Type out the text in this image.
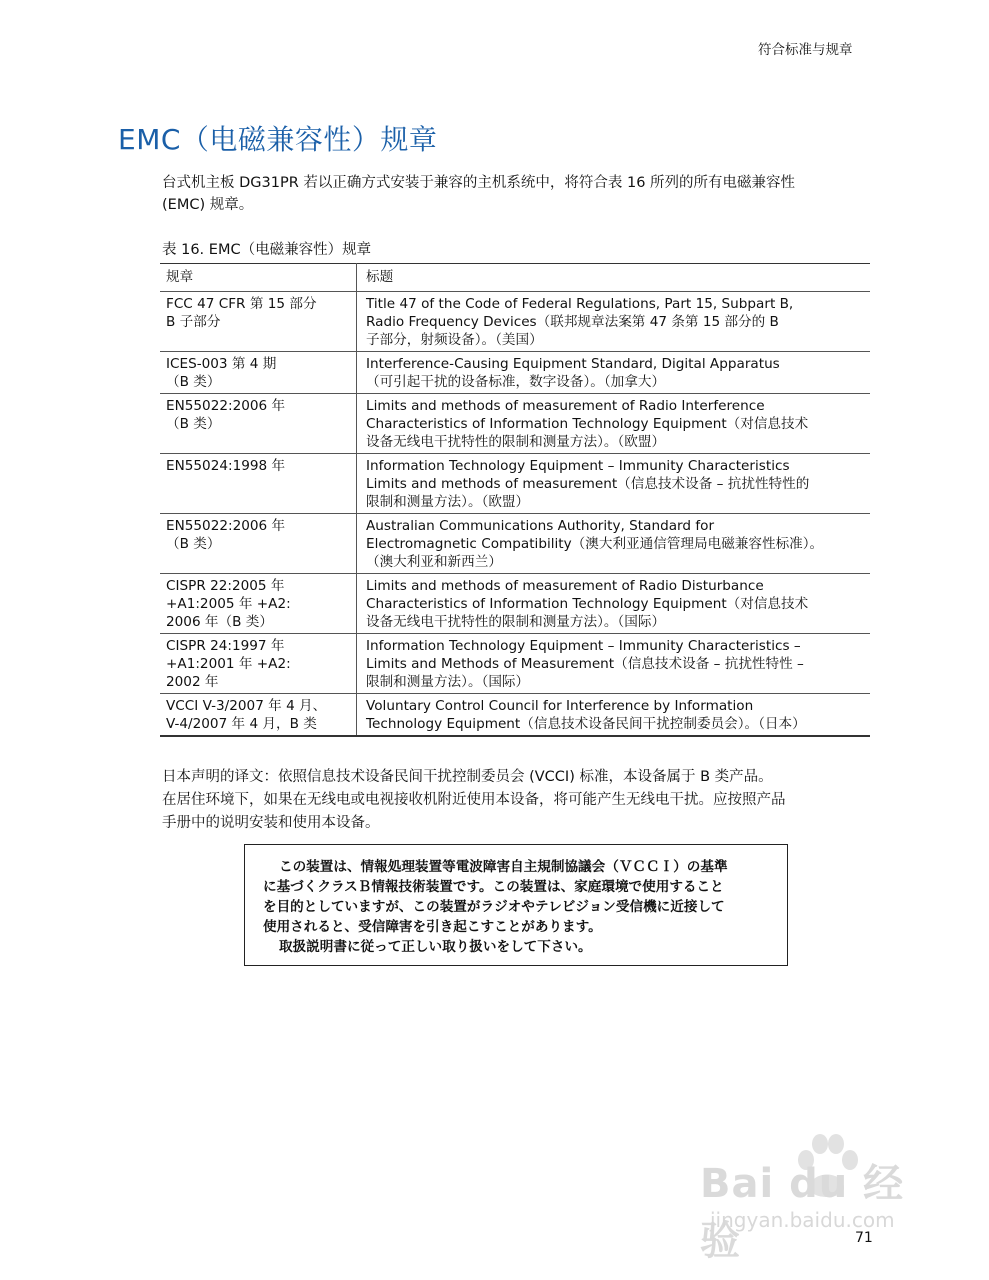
符合标准与规章
EMC（电磁兼容性）规章
台式机主板 DG31PR 若以正确方式安装于兼容的主机系统中，将符合表 16 所列的所有电磁兼容性
(EMC) 规章。
表 16. EMC（电磁兼容性）规章
规章	标题

FCC 47 CFR 第 15 部分
B 子部分	Title 47 of the Code of Federal Regulations, Part 15, Subpart B,
Radio Frequency Devices（联邦规章法案第 47 条第 15 部分的 B
子部分，射频设备）。（美国）

ICES-003 第 4 期
（B 类）	Interference-Causing Equipment Standard, Digital Apparatus
（可引起干扰的设备标准，数字设备）。（加拿大）

EN55022:2006 年
（B 类）	Limits and methods of measurement of Radio Interference
Characteristics of Information Technology Equipment（对信息技术
设备无线电干扰特性的限制和测量方法）。（欧盟）

EN55024:1998 年	Information Technology Equipment – Immunity Characteristics
Limits and methods of measurement（信息技术设备 – 抗扰性特性的
限制和测量方法）。（欧盟）

EN55022:2006 年
（B 类）	Australian Communications Authority, Standard for
Electromagnetic Compatibility（澳大利亚通信管理局电磁兼容性标准）。
（澳大利亚和新西兰）

CISPR 22:2005 年
+A1:2005 年 +A2:
2006 年（B 类）	Limits and methods of measurement of Radio Disturbance
Characteristics of Information Technology Equipment（对信息技术
设备无线电干扰特性的限制和测量方法）。（国际）

CISPR 24:1997 年
+A1:2001 年 +A2:
2002 年	Information Technology Equipment – Immunity Characteristics –
Limits and Methods of Measurement（信息技术设备 – 抗扰性特性 –
限制和测量方法）。（国际）

VCCI V-3/2007 年 4 月、
V-4/2007 年 4 月，B 类	Voluntary Control Council for Interference by Information
Technology Equipment（信息技术设备民间干扰控制委员会）。（日本）
日本声明的译文：依照信息技术设备民间干扰控制委员会 (VCCI) 标准，本设备属于 B 类产品。
在居住环境下，如果在无线电或电视接收机附近使用本设备，将可能产生无线电干扰。应按照产品
手册中的说明安装和使用本设备。
この装置は、情報処理装置等電波障害自主規制協議会（ＶＣＣＩ）の基準
に基づくクラスＢ情報技術装置です。この装置は、家庭環境で使用すること
を目的としていますが、この装置がラジオやテレビジョン受信機に近接して
使用されると、受信障害を引き起こすことがあります。
取扱説明書に従って正しい取り扱いをして下さい。
Bai du 经验
jingyan.baidu.com
71
